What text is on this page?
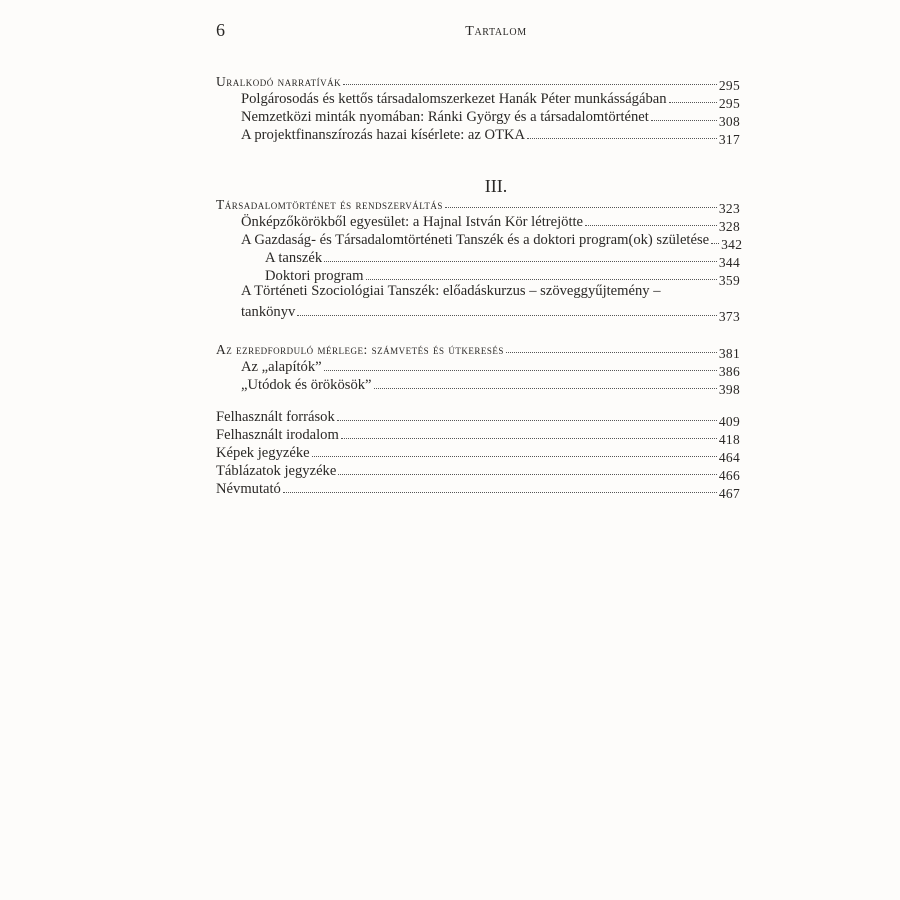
6	Tartalom
Uralkodó narratívák	295
Polgárosodás és kettős társadalomszerkezet Hanák Péter munkásságában	295
Nemzetközi minták nyomában: Ránki György és a társadalomtörténet	308
A projektfinanszírozás hazai kísérlete: az OTKA	317
III.
Társadalomtörténet és rendszerváltás	323
Önképzőkörökből egyesület: a Hajnal István Kör létrejötte	328
A Gazdaság- és Társadalomtörténeti Tanszék és a doktori program(ok) születése 342
A tanszék	344
Doktori program	359
A Történeti Szociológiai Tanszék: előadáskurzus – szöveggyűjtemény –
tankönyv	373
Az ezredforduló mérlege: számvetés és útkeresés	381
Az „alapítók”	386
„Utódok és örökösök”	398
Felhasznált források	409
Felhasznált irodalom	418
Képek jegyzéke	464
Táblázatok jegyzéke	466
Névmutató	467
